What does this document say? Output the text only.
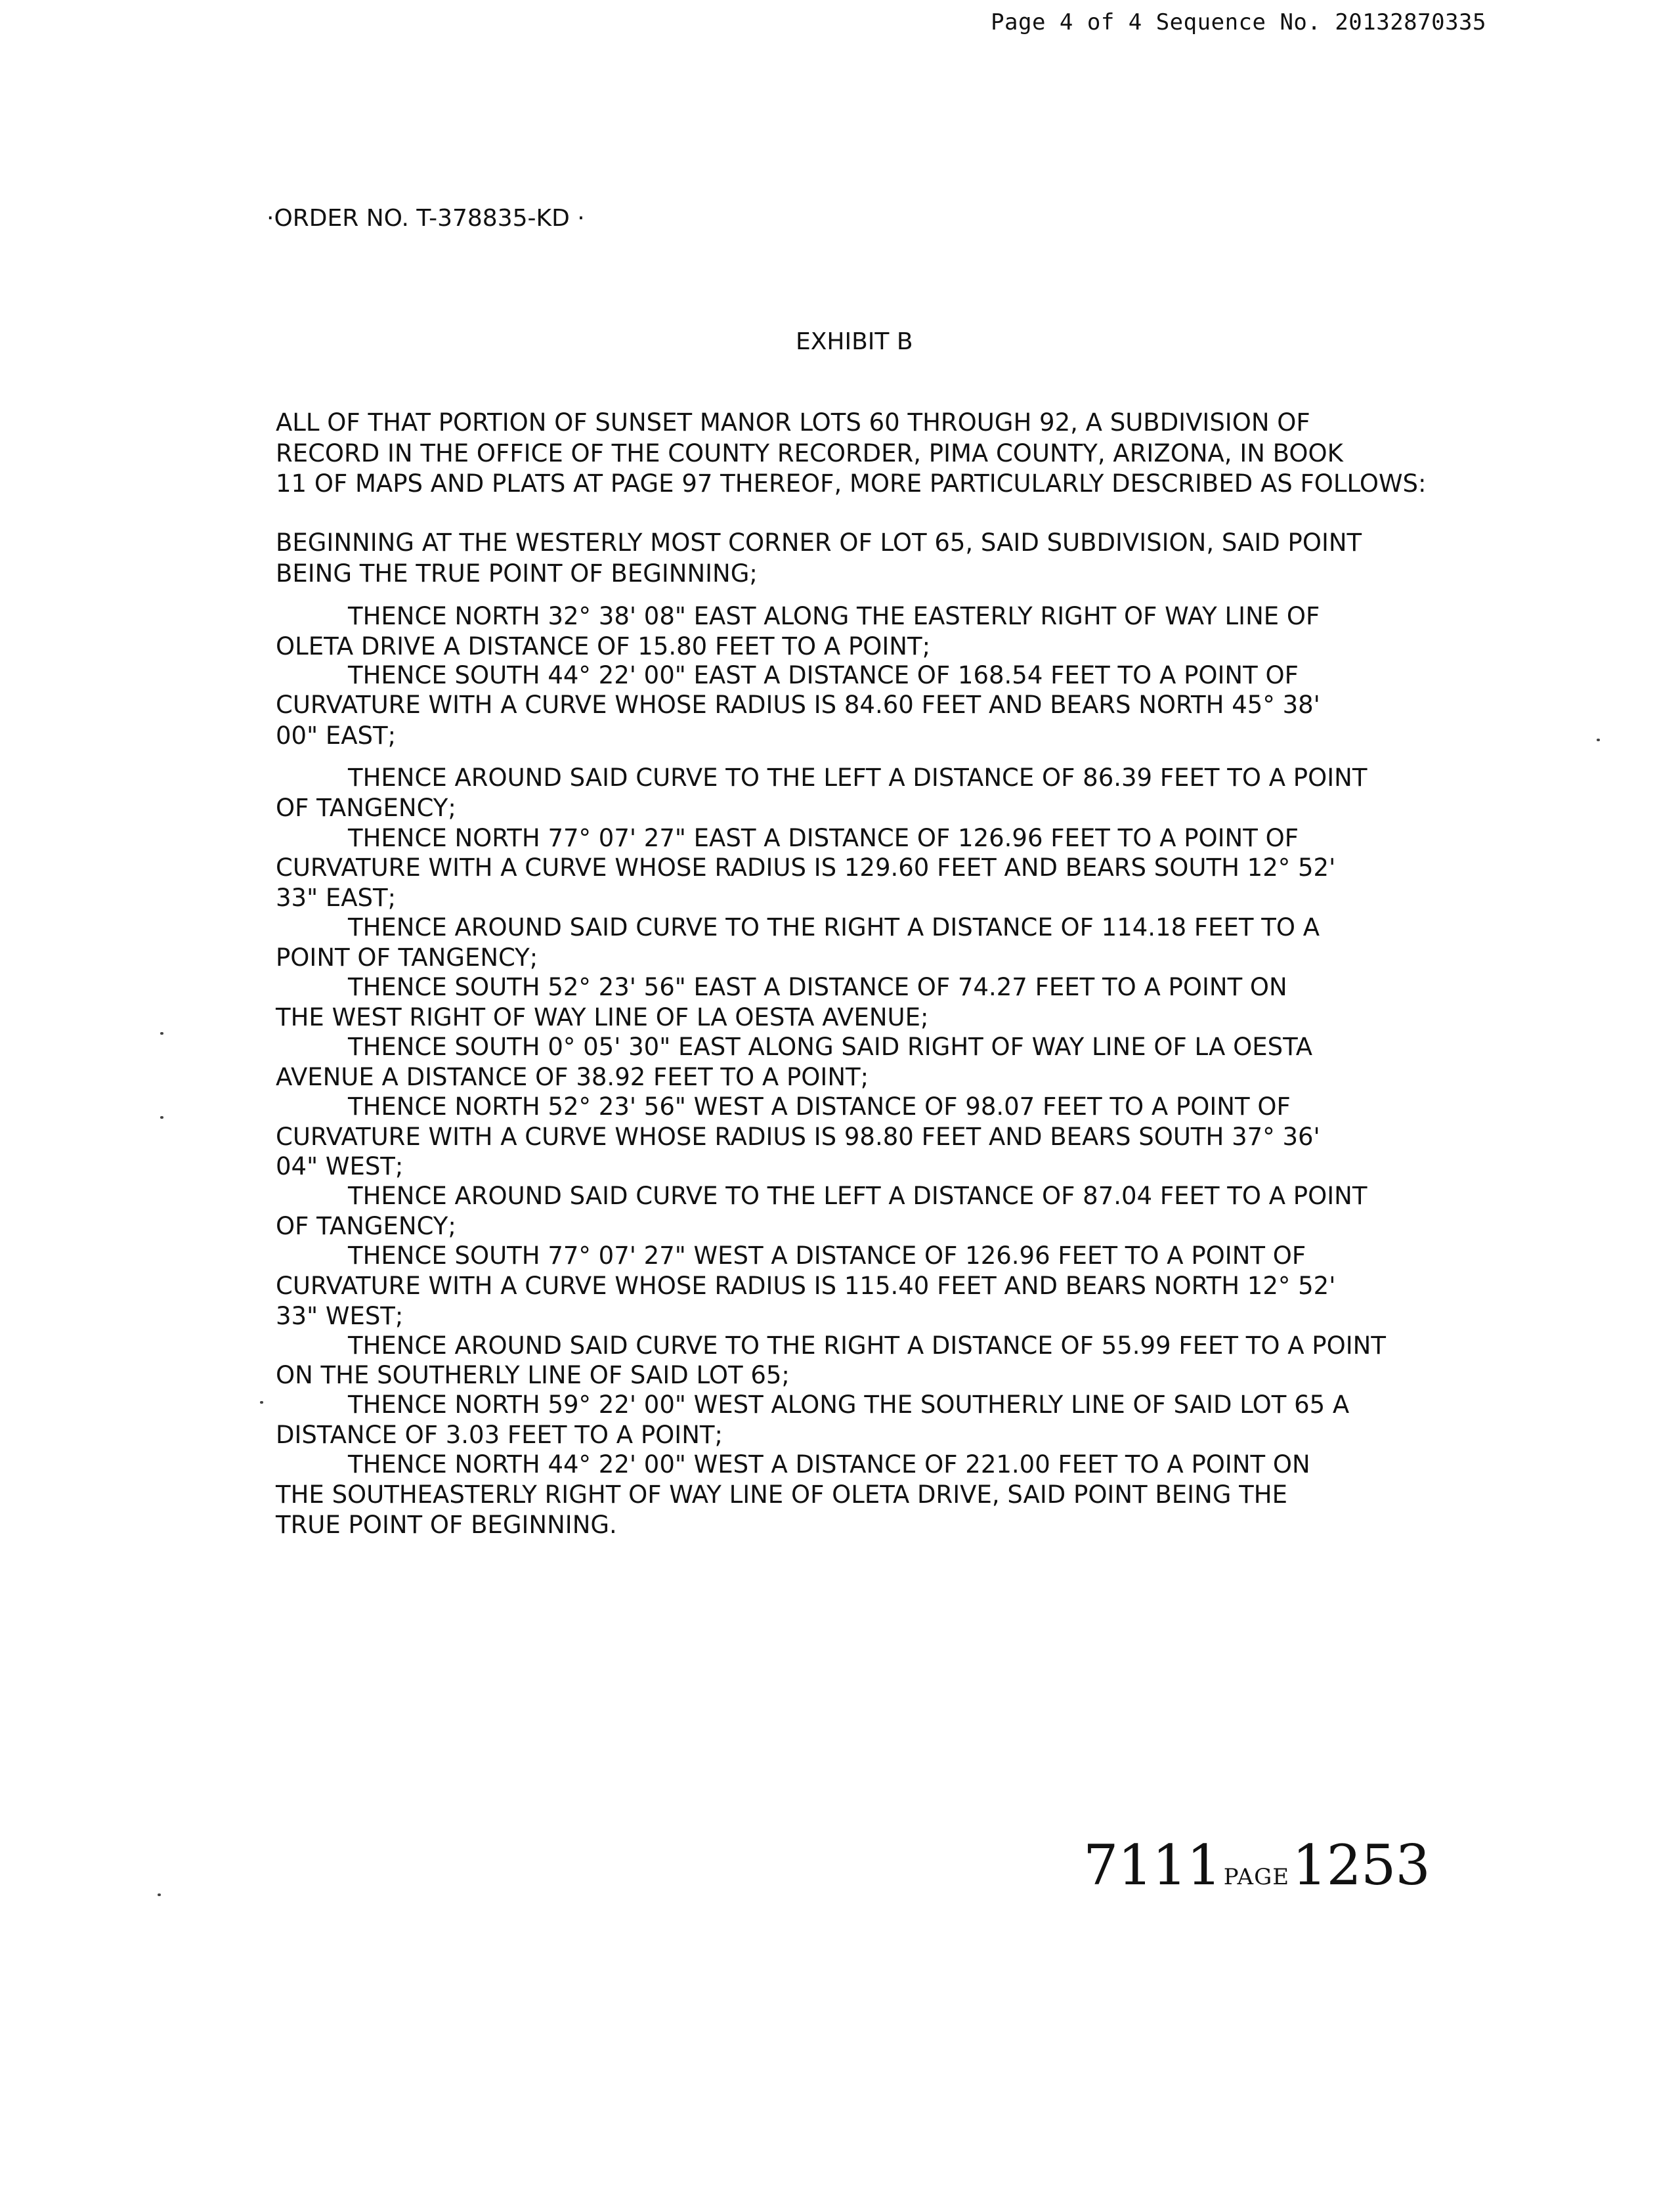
Page 4 of 4 Sequence No. 20132870335
·ORDER NO. T-378835-KD ·
EXHIBIT B
ALL OF THAT PORTION OF SUNSET MANOR LOTS 60 THROUGH 92, A SUBDIVISION OF
RECORD IN THE OFFICE OF THE COUNTY RECORDER, PIMA COUNTY, ARIZONA, IN BOOK
11 OF MAPS AND PLATS AT PAGE 97 THEREOF, MORE PARTICULARLY DESCRIBED AS FOLLOWS:
BEGINNING AT THE WESTERLY MOST CORNER OF LOT 65, SAID SUBDIVISION, SAID POINT
BEING THE TRUE POINT OF BEGINNING;
THENCE NORTH 32° 38' 08" EAST ALONG THE EASTERLY RIGHT OF WAY LINE OF
OLETA DRIVE A DISTANCE OF 15.80 FEET TO A POINT;
THENCE SOUTH 44° 22' 00" EAST A DISTANCE OF 168.54 FEET TO A POINT OF
CURVATURE WITH A CURVE WHOSE RADIUS IS 84.60 FEET AND BEARS NORTH 45° 38'
00" EAST;
THENCE AROUND SAID CURVE TO THE LEFT A DISTANCE OF 86.39 FEET TO A POINT
OF TANGENCY;
THENCE NORTH 77° 07' 27" EAST A DISTANCE OF 126.96 FEET TO A POINT OF
CURVATURE WITH A CURVE WHOSE RADIUS IS 129.60 FEET AND BEARS SOUTH 12° 52'
33" EAST;
THENCE AROUND SAID CURVE TO THE RIGHT A DISTANCE OF 114.18 FEET TO A
POINT OF TANGENCY;
THENCE SOUTH 52° 23' 56" EAST A DISTANCE OF 74.27 FEET TO A POINT ON
THE WEST RIGHT OF WAY LINE OF LA OESTA AVENUE;
THENCE SOUTH 0° 05' 30" EAST ALONG SAID RIGHT OF WAY LINE OF LA OESTA
AVENUE A DISTANCE OF 38.92 FEET TO A POINT;
THENCE NORTH 52° 23' 56" WEST A DISTANCE OF 98.07 FEET TO A POINT OF
CURVATURE WITH A CURVE WHOSE RADIUS IS 98.80 FEET AND BEARS SOUTH 37° 36'
04" WEST;
THENCE AROUND SAID CURVE TO THE LEFT A DISTANCE OF 87.04 FEET TO A POINT
OF TANGENCY;
THENCE SOUTH 77° 07' 27" WEST A DISTANCE OF 126.96 FEET TO A POINT OF
CURVATURE WITH A CURVE WHOSE RADIUS IS 115.40 FEET AND BEARS NORTH 12° 52'
33" WEST;
THENCE AROUND SAID CURVE TO THE RIGHT A DISTANCE OF 55.99 FEET TO A POINT
ON THE SOUTHERLY LINE OF SAID LOT 65;
THENCE NORTH 59° 22' 00" WEST ALONG THE SOUTHERLY LINE OF SAID LOT 65 A
DISTANCE OF 3.03 FEET TO A POINT;
THENCE NORTH 44° 22' 00" WEST A DISTANCE OF 221.00 FEET TO A POINT ON
THE SOUTHEASTERLY RIGHT OF WAY LINE OF OLETA DRIVE, SAID POINT BEING THE
TRUE POINT OF BEGINNING.
7111 PAGE1253
